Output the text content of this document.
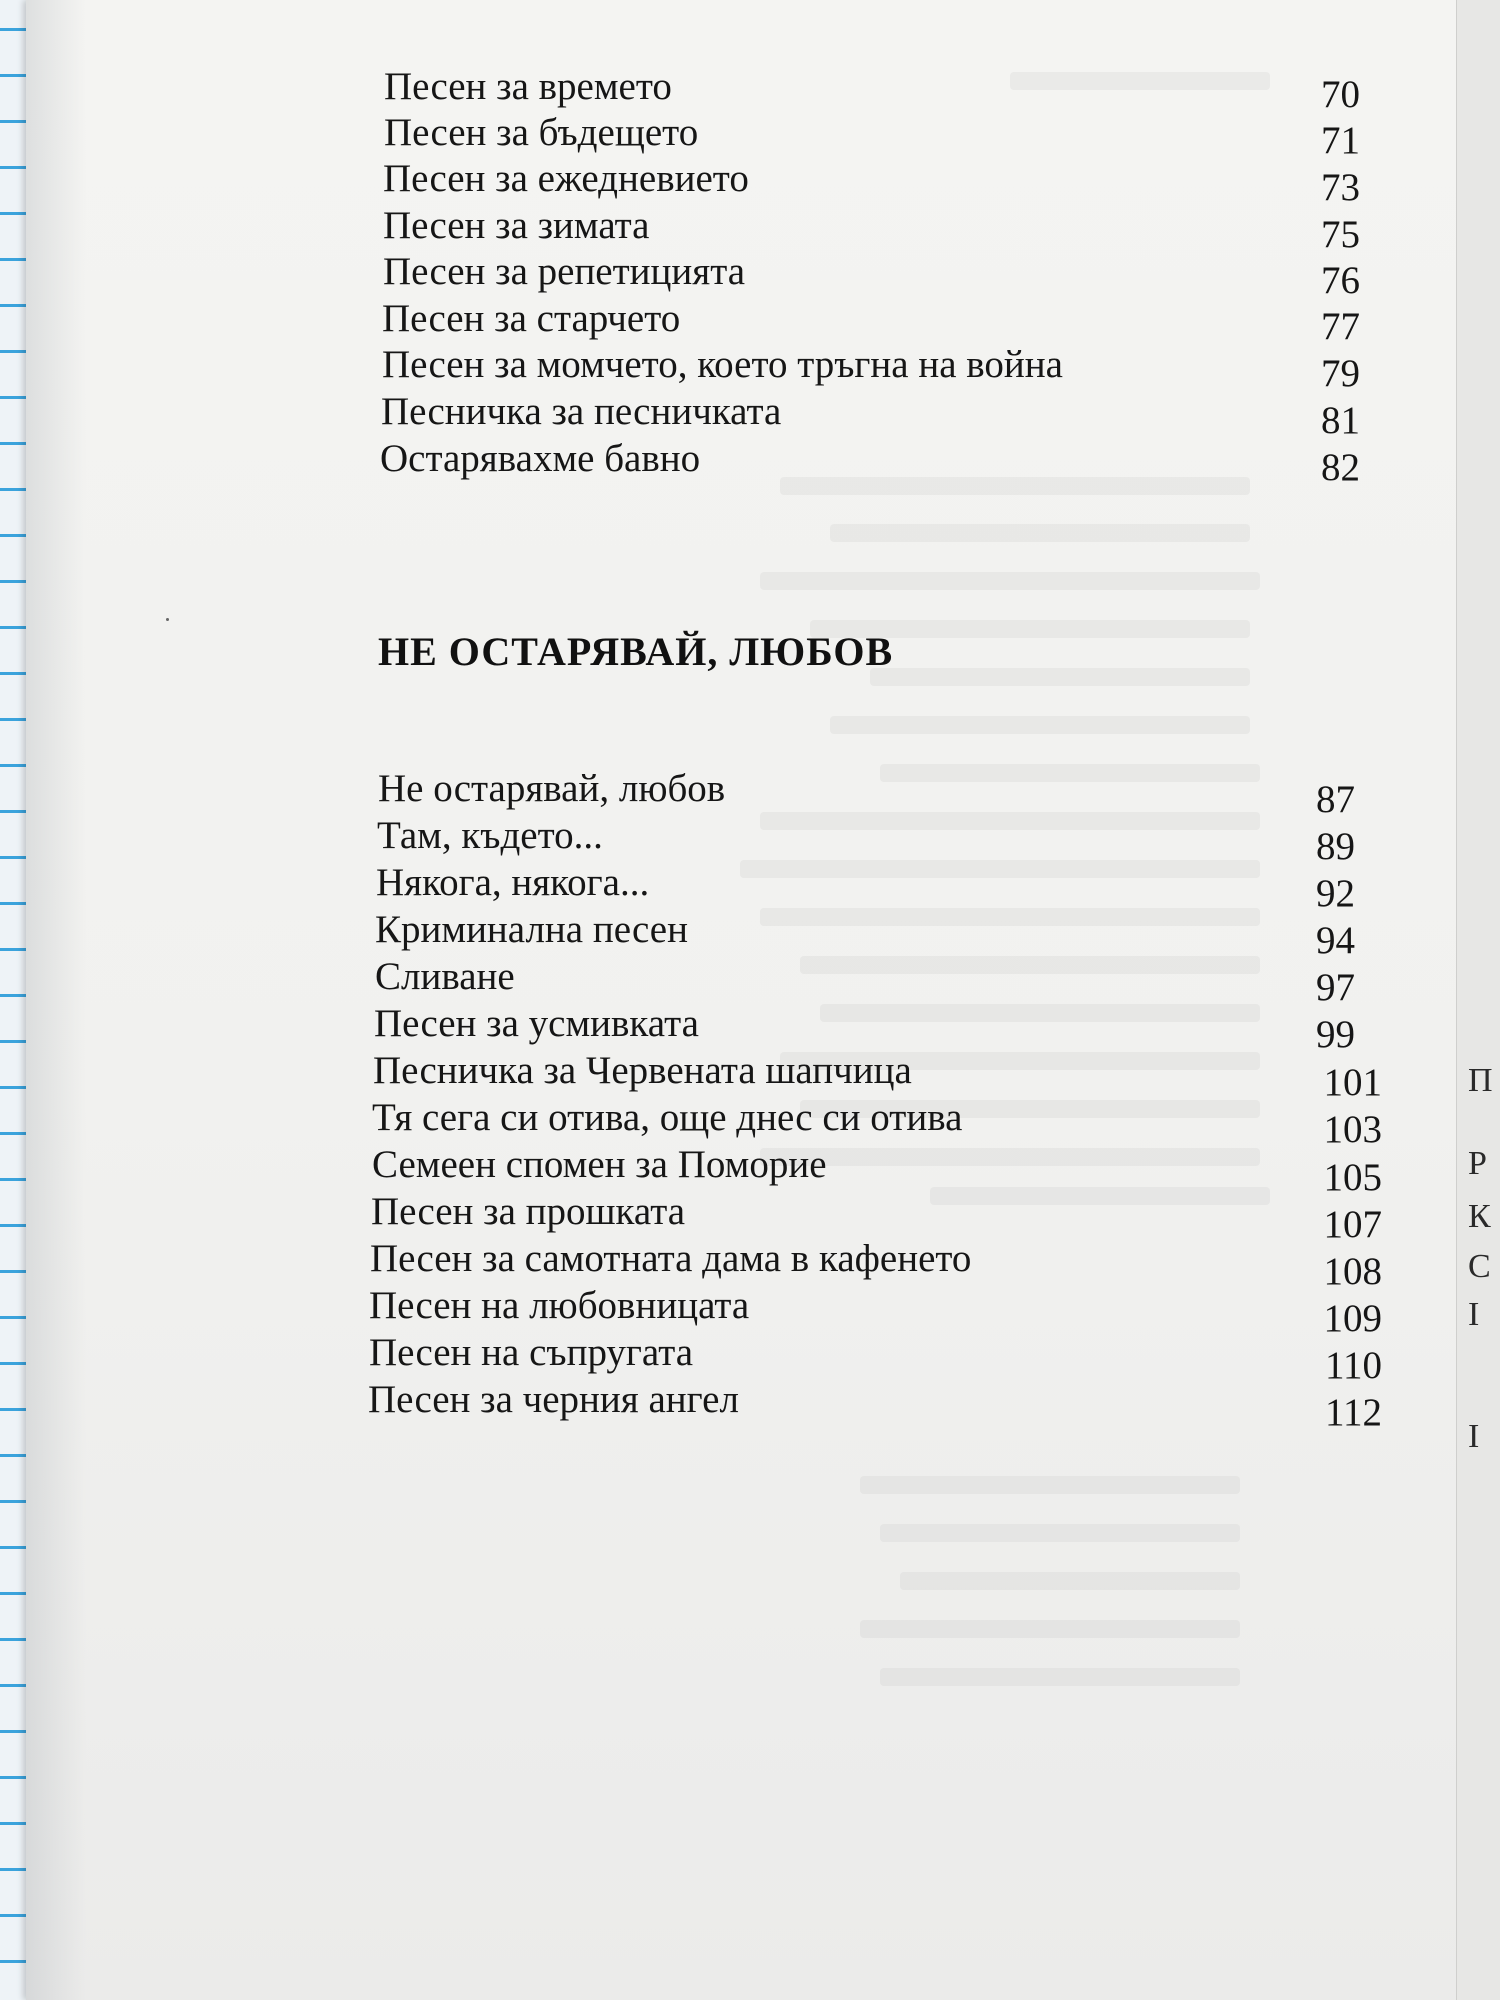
Песен за времето	70
Песен за бъдещето	71
Песен за ежедневието	73
Песен за зимата	75
Песен за репетицията	76
Песен за старчето	77
Песен за момчето, което тръгна на война	79
Песничка за песничката	81
Остарявахме бавно	82
НЕ ОСТАРЯВАЙ, ЛЮБОВ
Не остарявай, любов	87
Там, където...	89
Някога, някога...	92
Криминална песен	94
Сливане	97
Песен за усмивката	99
Песничка за Червената шапчица	101
Тя сега си отива, още днес си отива	103
Семеен спомен за Поморие	105
Песен за прошката	107
Песен за самотната дама в кафенето	108
Песен на любовницата	109
Песен на съпругата	110
Песен за черния ангел	112
П
Р
К
С
I
I
